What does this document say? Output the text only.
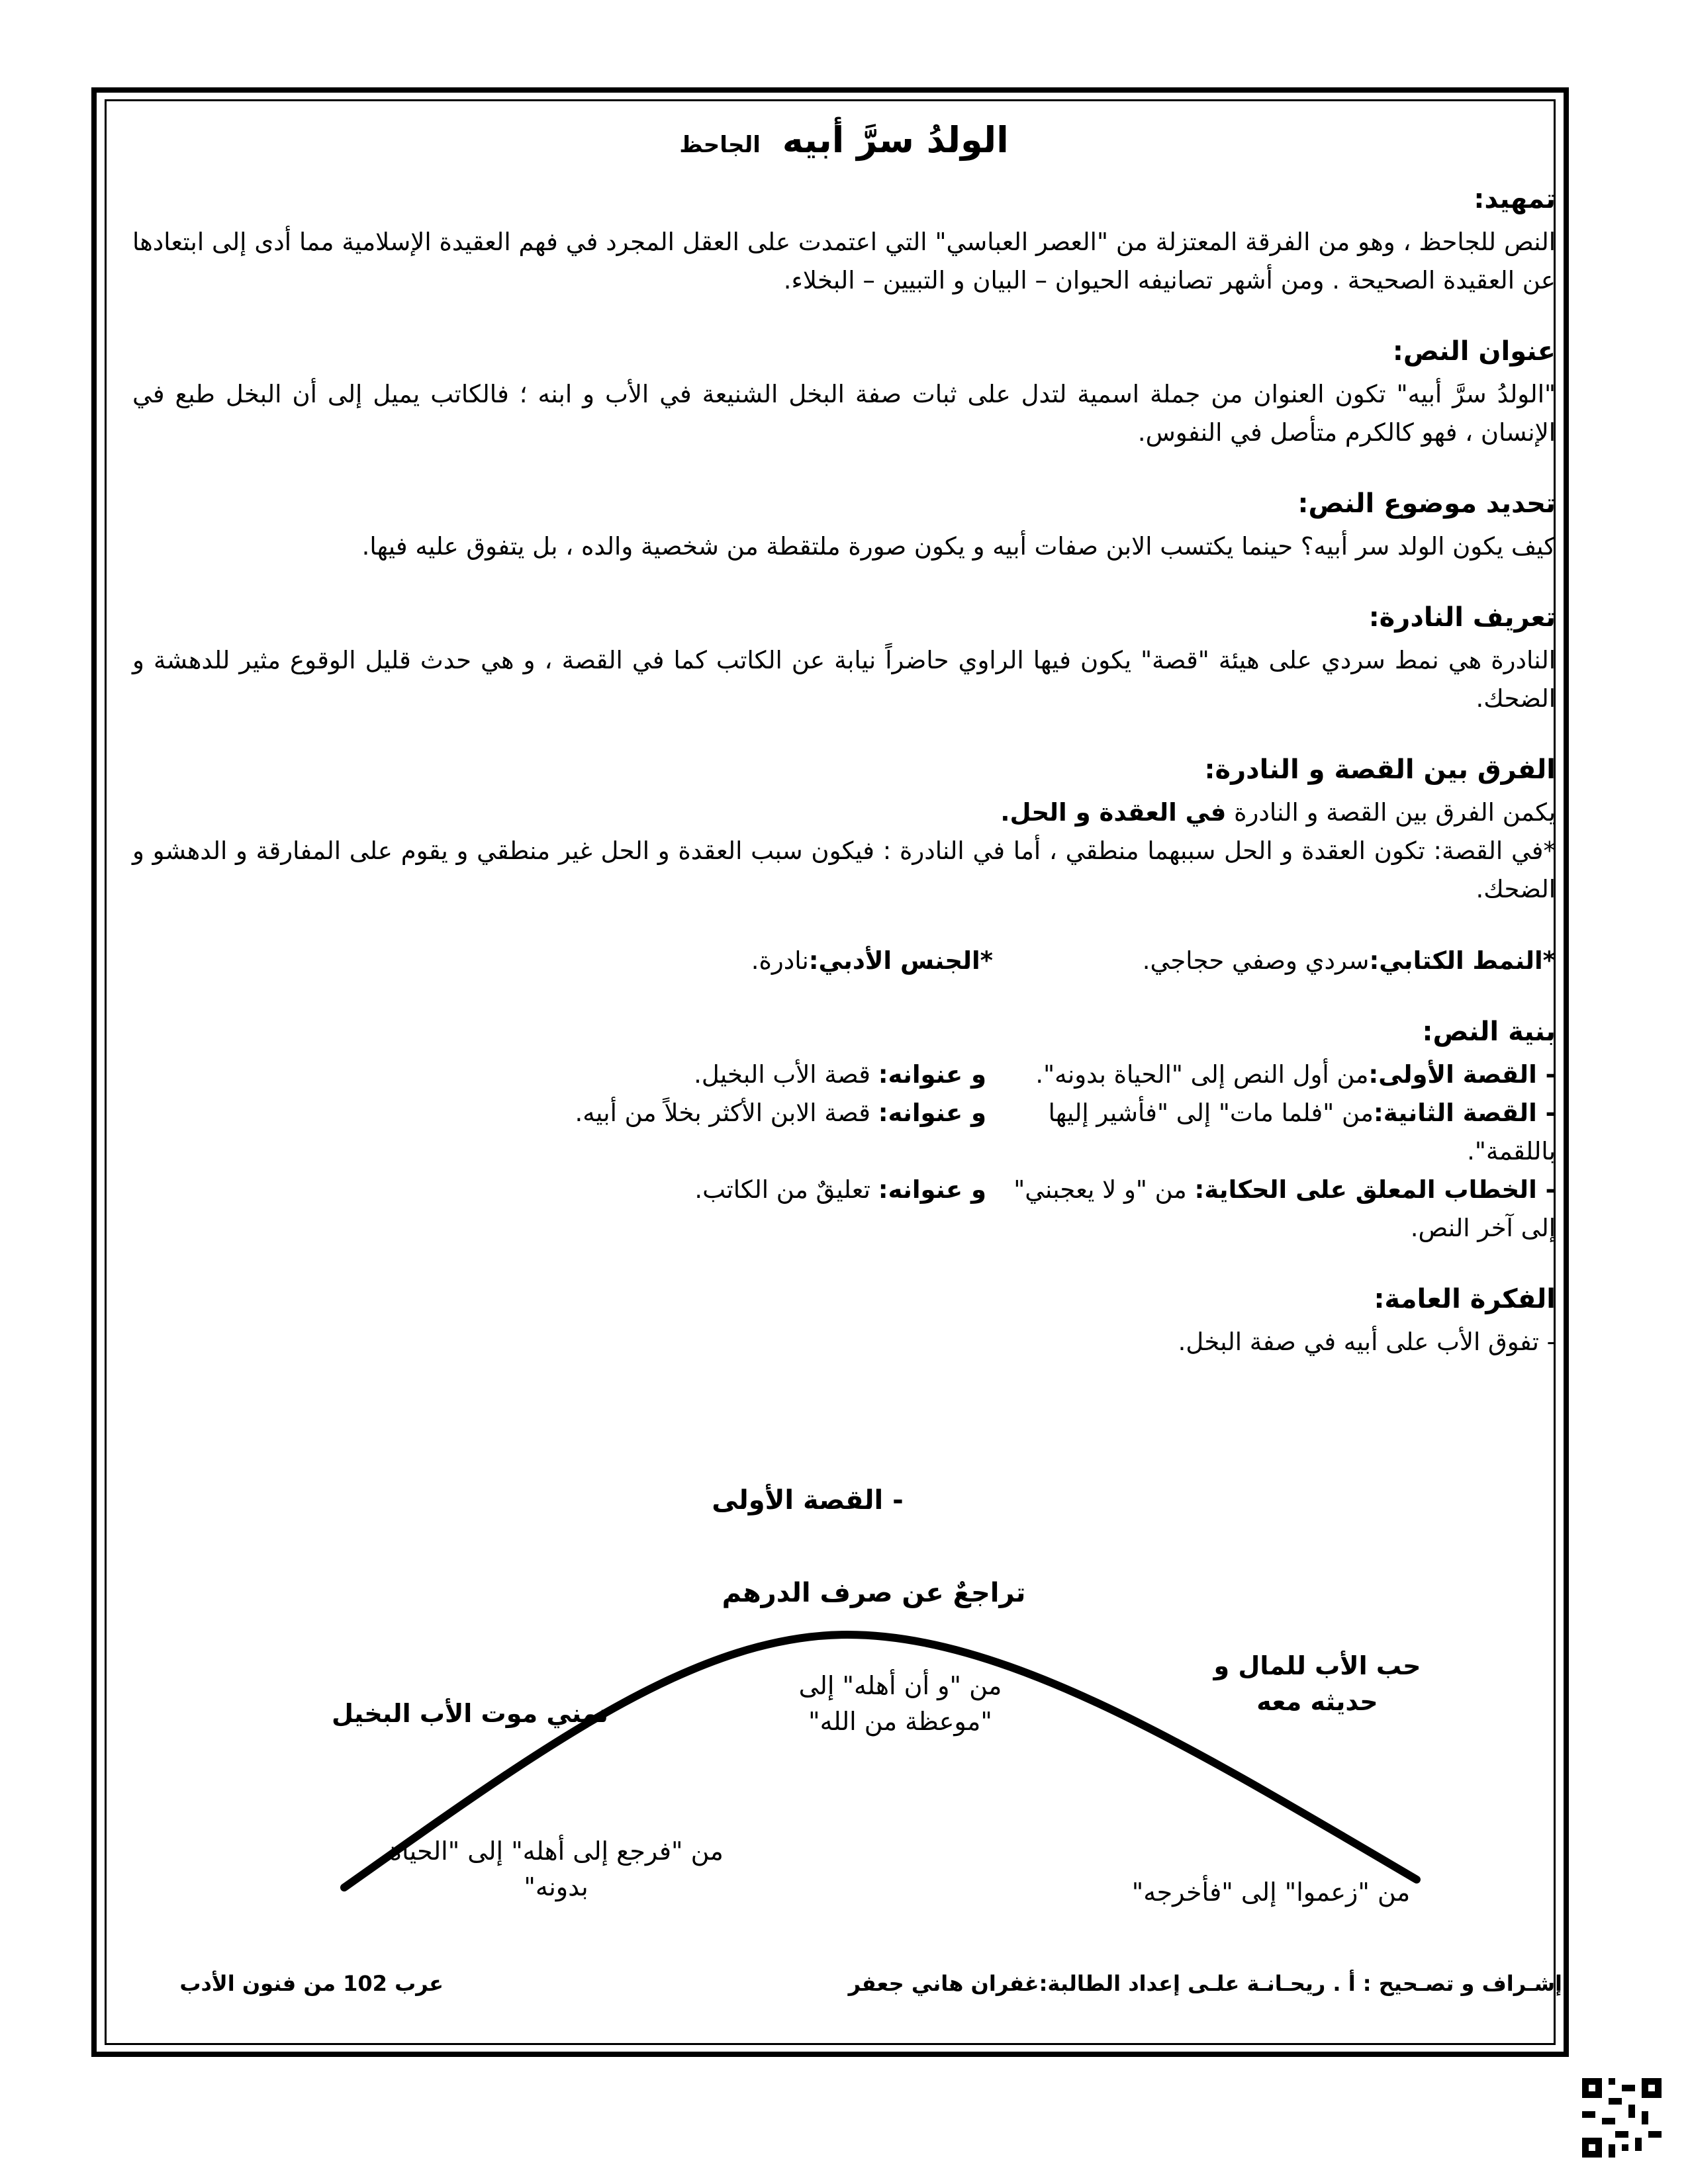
الولدُ سرَّ أبيه الجاحظ
تمهيد:

النص للجاحظ ، وهو من الفرقة المعتزلة من "العصر العباسي" التي اعتمدت على العقل المجرد في فهم العقيدة الإسلامية مما أدى إلى ابتعادها عن العقيدة الصحيحة . ومن أشهر تصانيفه الحيوان – البيان و التبيين – البخلاء.

عنوان النص:

"الولدُ سرَّ أبيه" تكون العنوان من جملة اسمية لتدل على ثبات صفة البخل الشنيعة في الأب و ابنه ؛ فالكاتب يميل إلى أن البخل طبع في الإنسان ، فهو كالكرم متأصل في النفوس.

تحديد موضوع النص:

كيف يكون الولد سر أبيه؟ حينما يكتسب الابن صفات أبيه و يكون صورة ملتقطة من شخصية والده ، بل يتفوق عليه فيها.

تعريف النادرة:

النادرة هي نمط سردي على هيئة "قصة" يكون فيها الراوي حاضراً نيابة عن الكاتب كما في القصة ، و هي حدث قليل الوقوع مثير للدهشة و الضحك.

الفرق بين القصة و النادرة:

يكمن الفرق بين القصة و النادرة في العقدة و الحل.

*في القصة: تكون العقدة و الحل سببهما منطقي ، أما في النادرة : فيكون سبب العقدة و الحل غير منطقي و يقوم على المفارقة و الدهشو و الضحك.

*النمط الكتابي:سردي وصفي حجاجي.
*الجنس الأدبي:نادرة.
بنية النص:
- القصة الأولى:من أول النص إلى "الحياة بدونه".
و عنوانه: قصة الأب البخيل.
- القصة الثانية:من "فلما مات" إلى "فأشير إليها باللقمة".
و عنوانه: قصة الابن الأكثر بخلاً من أبيه.
- الخطاب المعلق على الحكاية: من "و لا يعجبني" إلى آخر النص.
و عنوانه: تعليقٌ من الكاتب.
الفكرة العامة:

- تفوق الأب على أبيه في صفة البخل.

- القصة الأولى
تراجعٌ عن صرف الدرهم
من "و أن أهله" إلى "موعظة من الله"
حب الأب للمال و حديثه معه
تمني موت الأب البخيل
من "فرجع إلى أهله" إلى "الحياة بدونه"	من "زعموا" إلى "فأخرجه"
إشـراف و تصـحيح : أ . ريحـانـة علـى إعداد الطالبة:غفران هاني جعفر
عرب 102 من فنون الأدب
